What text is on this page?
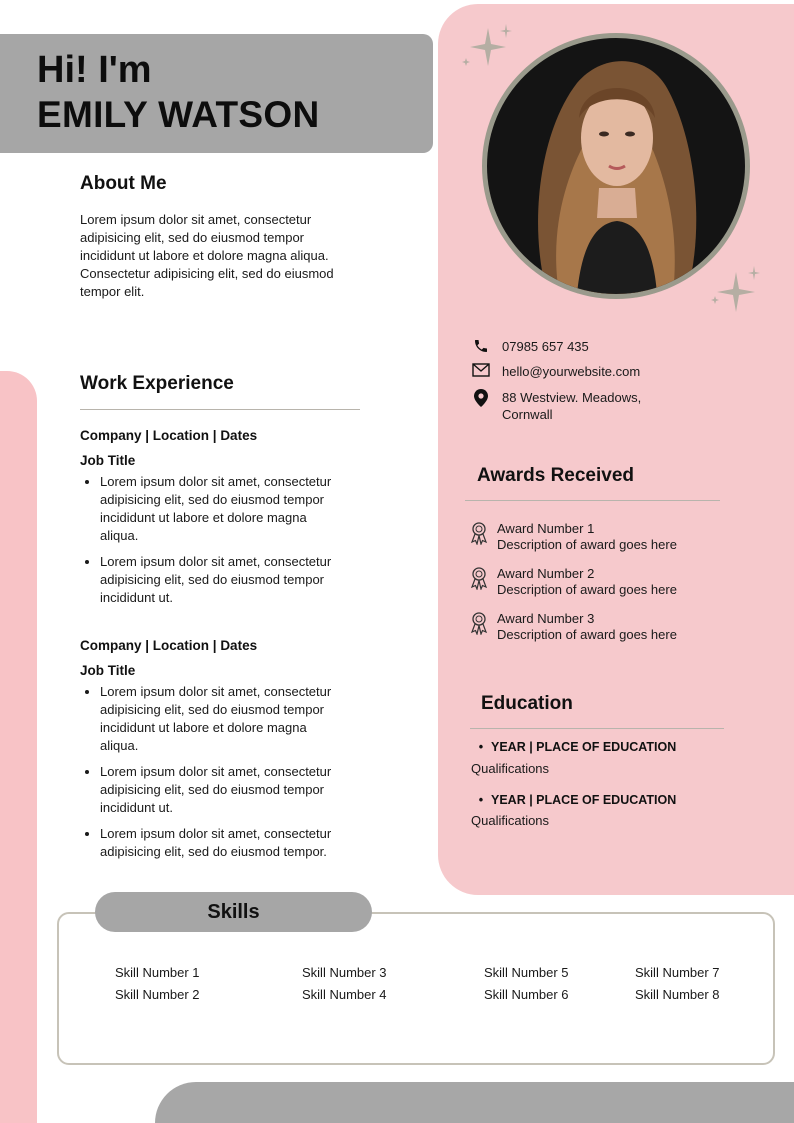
Hi! I'm
EMILY WATSON
About Me
Lorem ipsum dolor sit amet, consectetur adipisicing elit, sed do eiusmod tempor incididunt ut labore et dolore magna aliqua. Consectetur adipisicing elit, sed do eiusmod tempor elit.
Work Experience
Company | Location | Dates
Job Title
• Lorem ipsum dolor sit amet, consectetur adipisicing elit, sed do eiusmod tempor incididunt ut labore et dolore magna aliqua.
• Lorem ipsum dolor sit amet, consectetur adipisicing elit, sed do eiusmod tempor incididunt ut.
Company | Location | Dates
Job Title
• Lorem ipsum dolor sit amet, consectetur adipisicing elit, sed do eiusmod tempor incididunt ut labore et dolore magna aliqua.
• Lorem ipsum dolor sit amet, consectetur adipisicing elit, sed do eiusmod tempor incididunt ut.
• Lorem ipsum dolor sit amet, consectetur adipisicing elit, sed do eiusmod tempor.
07985 657 435
hello@yourwebsite.com
88 Westview. Meadows,
Cornwall
Awards Received
Award Number 1
Description of award goes here
Award Number 2
Description of award goes here
Award Number 3
Description of award goes here
Education
• YEAR | PLACE OF EDUCATION
Qualifications
• YEAR | PLACE OF EDUCATION
Qualifications
Skills
Skill Number 1
Skill Number 2
Skill Number 3
Skill Number 4
Skill Number 5
Skill Number 6
Skill Number 7
Skill Number 8
